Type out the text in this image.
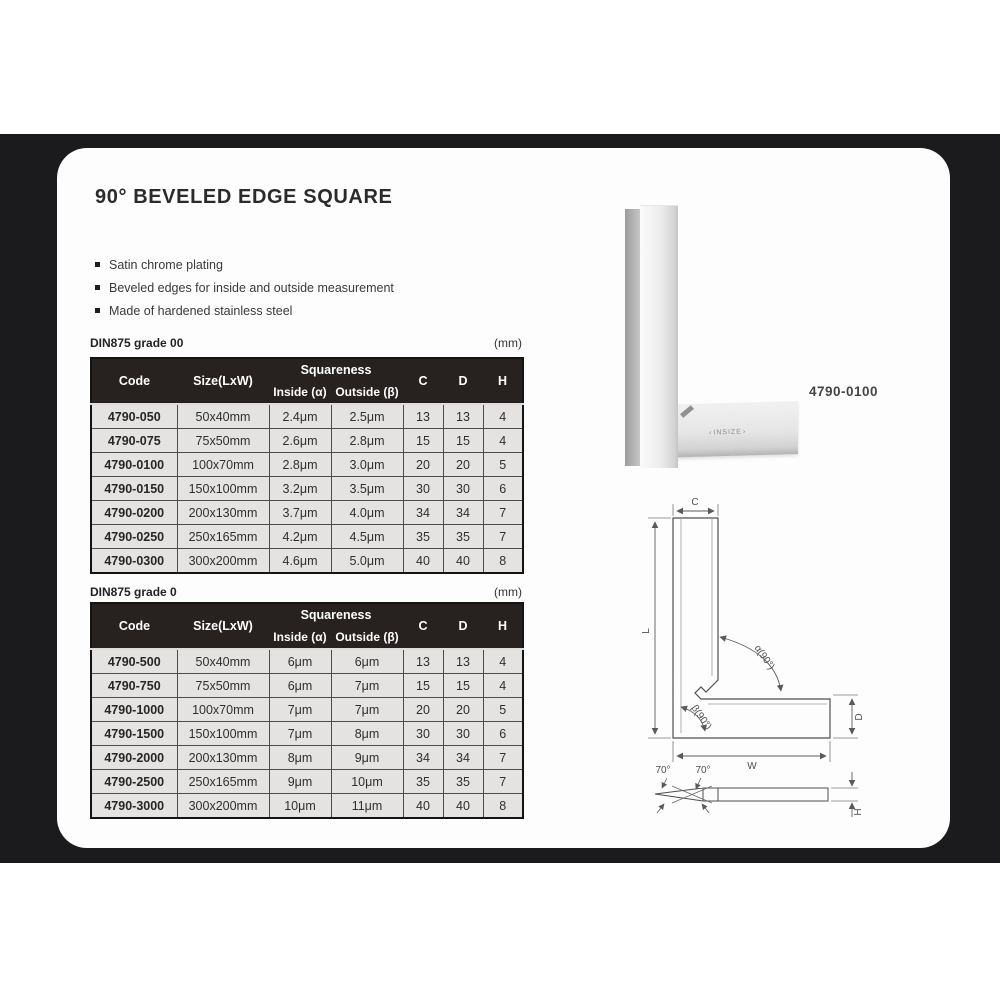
90° BEVELED EDGE SQUARE
Satin chrome plating
Beveled edges for inside and outside measurement
Made of hardened stainless steel
DIN875 grade 00	(mm)
Code	Size(LxW)	Squareness		C	D	H
		Inside (α)	Outside (β)			
4790-050	50x40mm	2.4μm	2.5μm	13	13	4
4790-075	75x50mm	2.6μm	2.8μm	15	15	4
4790-0100	100x70mm	2.8μm	3.0μm	20	20	5
4790-0150	150x100mm	3.2μm	3.5μm	30	30	6
4790-0200	200x130mm	3.7μm	4.0μm	34	34	7
4790-0250	250x165mm	4.2μm	4.5μm	35	35	7
4790-0300	300x200mm	4.6μm	5.0μm	40	40	8
DIN875 grade 0	(mm)
Code	Size(LxW)	Squareness		C	D	H
		Inside (α)	Outside (β)			
4790-500	50x40mm	6μm	6μm	13	13	4
4790-750	75x50mm	6μm	7μm	15	15	4
4790-1000	100x70mm	7μm	7μm	20	20	5
4790-1500	150x100mm	7μm	8μm	30	30	6
4790-2000	200x130mm	8μm	9μm	34	34	7
4790-2500	250x165mm	9μm	10μm	35	35	7
4790-3000	300x200mm	10μm	11μm	40	40	8
‹ INSIZE ›
4790-0100
C
L
W
D
H
α(90°)
β(90°)
70° 70°
